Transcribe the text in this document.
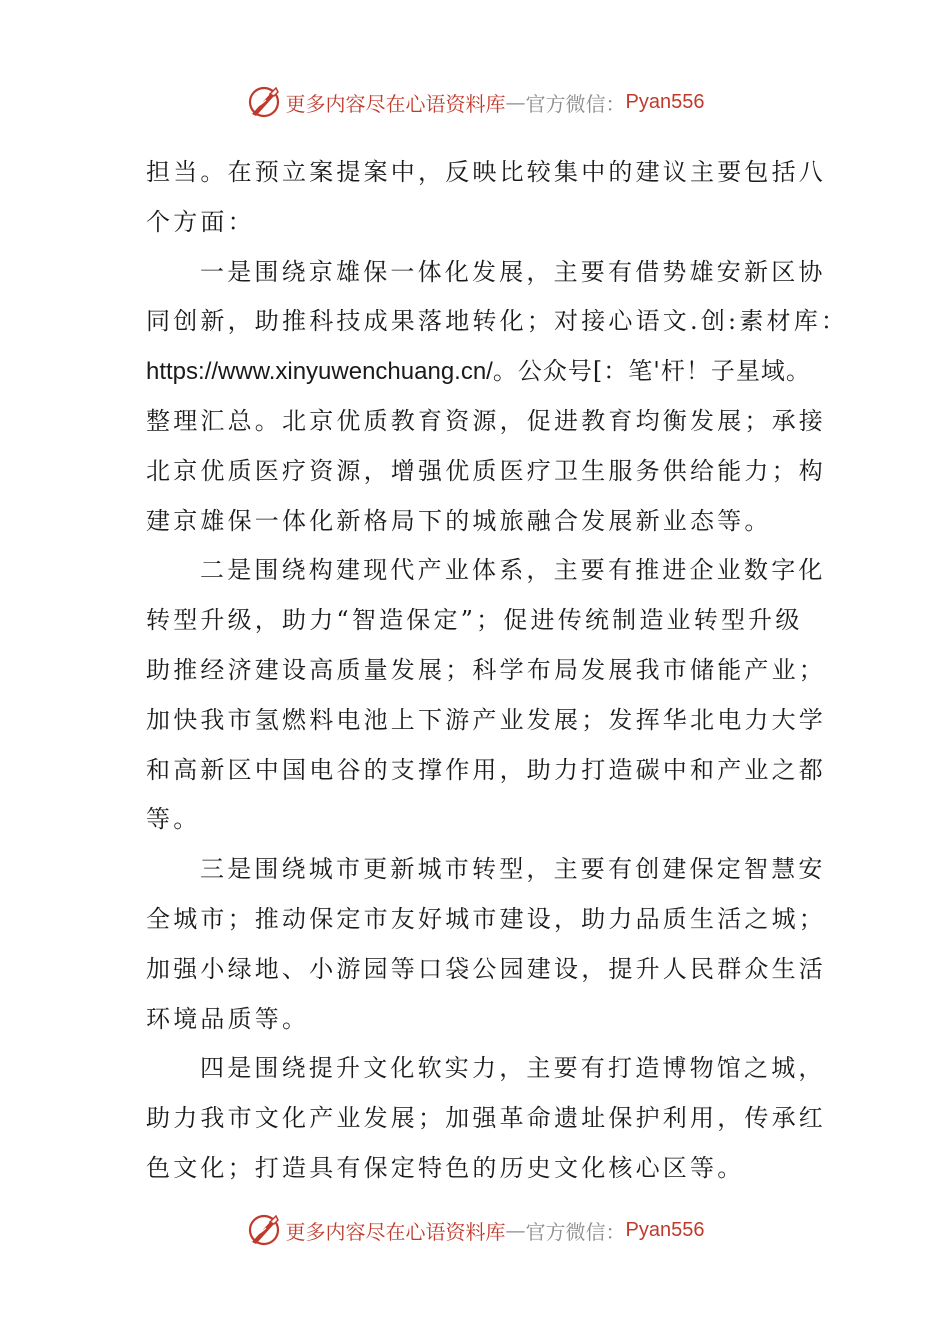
更多内容尽在心语资料库 — 官方微信： Pyan556
担当。在预立案提案中，反映比较集中的建议主要包括八
个方面：
一是围绕京雄保一体化发展，主要有借势雄安新区协
同创新，助推科技成果落地转化；对接心语文.创:素材库：
https://www.xinyuwenchuang.cn/。公众号[：笔'杆！子星域。
整理汇总。北京优质教育资源，促进教育均衡发展；承接
北京优质医疗资源，增强优质医疗卫生服务供给能力；构
建京雄保一体化新格局下的城旅融合发展新业态等。
二是围绕构建现代产业体系，主要有推进企业数字化
转型升级，助力“智造保定”；促进传统制造业转型升级
助推经济建设高质量发展；科学布局发展我市储能产业；
加快我市氢燃料电池上下游产业发展；发挥华北电力大学
和高新区中国电谷的支撑作用，助力打造碳中和产业之都
等。
三是围绕城市更新城市转型，主要有创建保定智慧安
全城市；推动保定市友好城市建设，助力品质生活之城；
加强小绿地、小游园等口袋公园建设，提升人民群众生活
环境品质等。
四是围绕提升文化软实力，主要有打造博物馆之城，
助力我市文化产业发展；加强革命遗址保护利用，传承红
色文化；打造具有保定特色的历史文化核心区等。
更多内容尽在心语资料库 — 官方微信： Pyan556
